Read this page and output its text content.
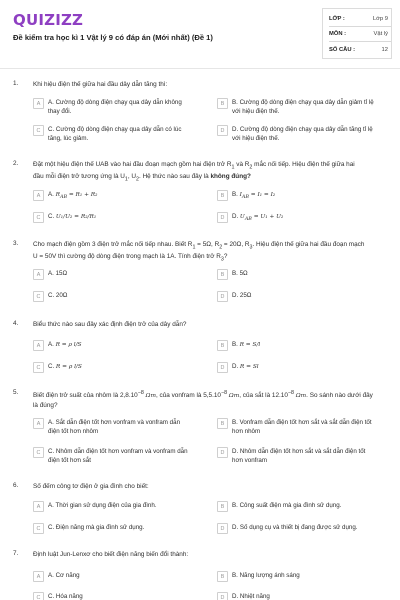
QUIZIZZ
Đề kiểm tra học kì 1 Vật lý 9 có đáp án (Mới nhất) (Đề 1)
LỚP :	Lớp 9
MÔN :	Vật lý
SỐ CÂU :	12
1. Khi hiệu điện thế giữa hai đầu dây dẫn tăng thì:
A	A. Cường độ dòng điện chạy qua dây dẫn không thay đổi.
B	B. Cường độ dòng điện chạy qua dây dẫn giảm tỉ lệ với hiệu điện thế.
C	C. Cường độ dòng điện chạy qua dây dẫn có lúc tăng, lúc giảm.
D	D. Cường độ dòng điện chạy qua dây dẫn tăng tỉ lệ với hiệu điện thế.
2. Đặt một hiệu điện thế UAB vào hai đầu đoạn mạch gồm hai điện trở $R_1$ và $R_2$ mắc nối tiếp. Hiệu điện thế giữa hai
đầu mỗi điện trở tương ứng là $U_1$, $U_2$. Hệ thức nào sau đây là không đúng?
A	A. $R_{AB} = R_1 + R_2$	B	B. $I_{AB} = I_1 = I_2$
C	C. U₁/U₂ = R₂/R₁	D	D. $U_{AB} = U_1 + U_2$
3. Cho mạch điện gồm 3 điện trở mắc nối tiếp nhau. Biết $R_1 = 5\Omega$, $R_2 = 20\Omega$, $R_3$. Hiệu điện thế giữa hai đầu đoạn mạch
U = 50V thì cường độ dòng điện trong mạch là 1A. Tính điện trở $R_3$?
A	A. 15Ω	B	B. 5Ω
C	C. 20Ω	D	D. 25Ω
4. Biểu thức nào sau đây xác định điện trở của dây dẫn?
A	A. R = ρ l/S	B	B. R = S/l
C	C. R = ρ l/S	D	D. R = Sl
5. Biết điện trở suất của nhôm là $2,8.10^{-8}$ Ωm, của vonfram là $5,5.10^{-8}$ Ωm, của sắt là $12.10^{-8}$ Ωm. So sánh nào dưới đây
là đúng?
A	A. Sắt dẫn điện tốt hơn vonfram và vonfram dẫn điện tốt hơn nhôm
B	B. Vonfram dẫn điện tốt hơn sắt và sắt dẫn điện tốt hơn nhôm
C	C. Nhôm dẫn điện tốt hơn vonfram và vonfram dẫn điện tốt hơn sắt
D	D. Nhôm dẫn điện tốt hơn sắt và sắt dẫn điện tốt hơn vonfram
6. Số đếm công tơ điện ở gia đình cho biết:
A	A. Thời gian sử dụng điện của gia đình.	B	B. Công suất điện mà gia đình sử dụng.
C	C. Điện năng mà gia đình sử dụng.	D	D. Số dụng cụ và thiết bị đang được sử dụng.
7. Định luật Jun-Lenxơ cho biết điện năng biến đổi thành:
A	A. Cơ năng	B	B. Năng lượng ánh sáng
C	C. Hóa năng	D	D. Nhiệt năng
